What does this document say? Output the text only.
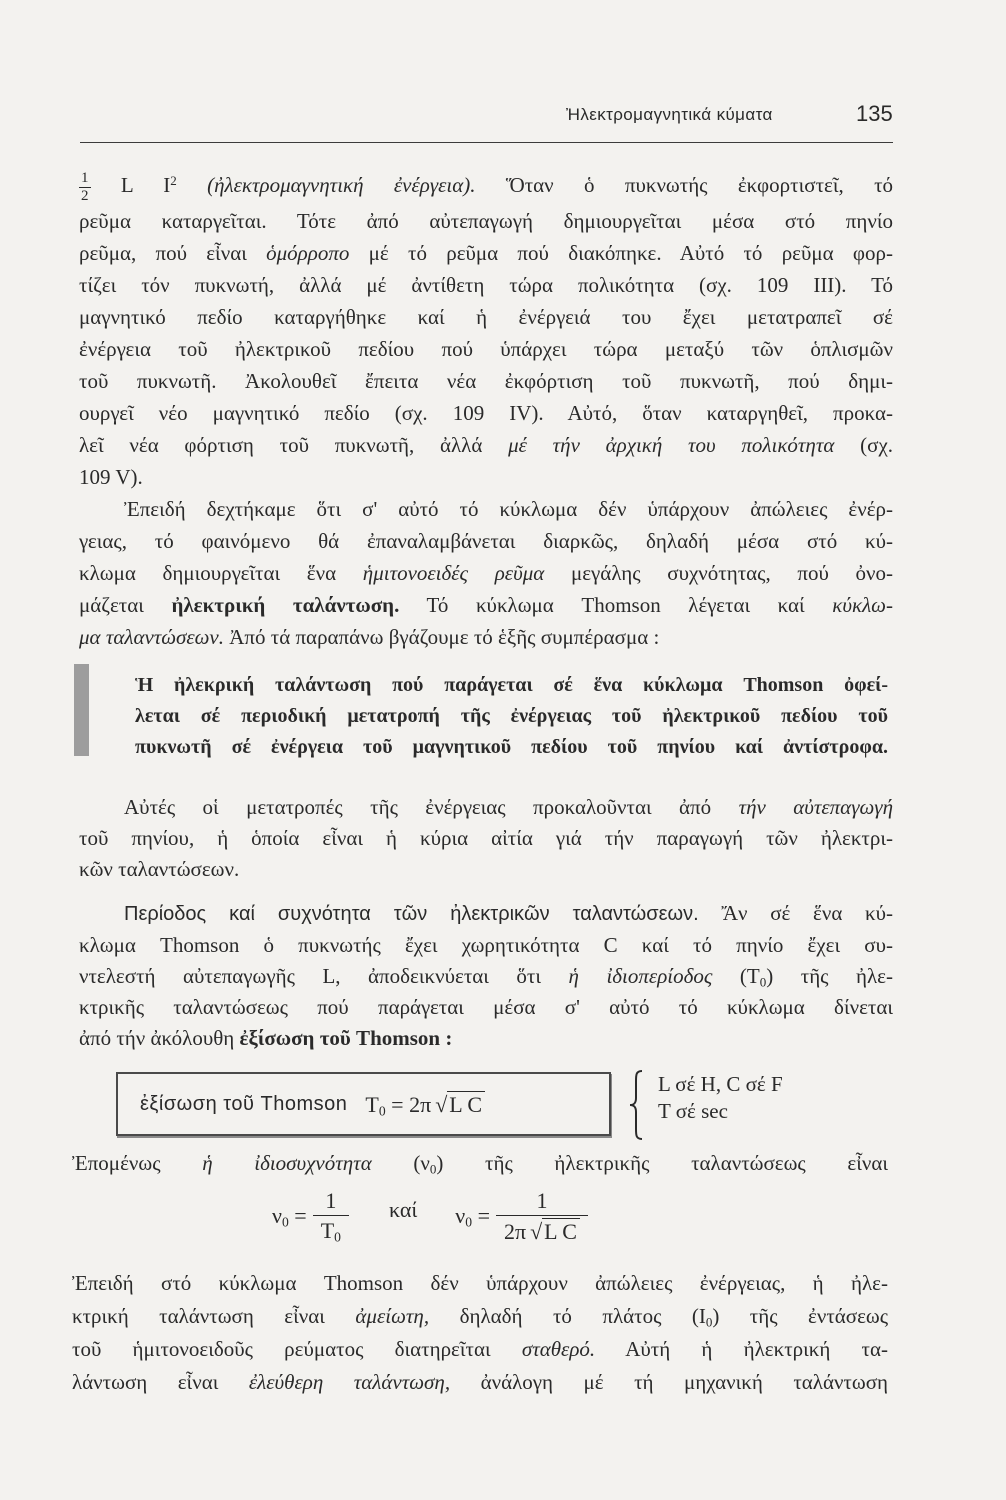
Ἠλεκτρομαγνητικά κύματα	135
$\frac{1}{2}$ L $I^2$ (ἠλεκτρομαγνητική ἐνέργεια). Ὅταν ὁ πυκνωτής ἐκφορτιστεῖ, τό
ρεῦμα καταργεῖται. Τότε ἀπό αὐτεπαγωγή δημιουργεῖται μέσα στό πηνίο
ρεῦμα, πού εἶναι ὁμόρροπο μέ τό ρεῦμα πού διακόπηκε. Αὐτό τό ρεῦμα φορ-
τίζει τόν πυκνωτή, ἀλλά μέ ἀντίθετη τώρα πολικότητα (σχ. 109 III). Τό
μαγνητικό πεδίο καταργήθηκε καί ἡ ἐνέργειά του ἔχει μετατραπεῖ σέ
ἐνέργεια τοῦ ἠλεκτρικοῦ πεδίου πού ὑπάρχει τώρα μεταξύ τῶν ὁπλισμῶν
τοῦ πυκνωτῆ. Ἀκολουθεῖ ἔπειτα νέα ἐκφόρτιση τοῦ πυκνωτῆ, πού δημι-
ουργεῖ νέο μαγνητικό πεδίο (σχ. 109 IV). Αὐτό, ὅταν καταργηθεῖ, προκα-
λεῖ νέα φόρτιση τοῦ πυκνωτῆ, ἀλλά μέ τήν ἀρχική του πολικότητα (σχ.
109 V).
Ἐπειδή δεχτήκαμε ὅτι σ' αὐτό τό κύκλωμα δέν ὑπάρχουν ἀπώλειες ἐνέρ-
γειας, τό φαινόμενο θά ἐπαναλαμβάνεται διαρκῶς, δηλαδή μέσα στό κύ-
κλωμα δημιουργεῖται ἕνα ἡμιτονοειδές ρεῦμα μεγάλης συχνότητας, πού ὀνο-
μάζεται ἠλεκτρική ταλάντωση. Τό κύκλωμα Thomson λέγεται καί κύκλω-
μα ταλαντώσεων. Ἀπό τά παραπάνω βγάζουμε τό ἑξῆς συμπέρασμα :
Ἡ ἠλεκρική ταλάντωση πού παράγεται σέ ἕνα κύκλωμα Thomson ὀφεί-
λεται σέ περιοδική μετατροπή τῆς ἐνέργειας τοῦ ἠλεκτρικοῦ πεδίου τοῦ
πυκνωτῆ σέ ἐνέργεια τοῦ μαγνητικοῦ πεδίου τοῦ πηνίου καί ἀντίστροφα.
Αὐτές οἱ μετατροπές τῆς ἐνέργειας προκαλοῦνται ἀπό τήν αὐτεπαγωγή
τοῦ πηνίου, ἡ ὁποία εἶναι ἡ κύρια αἰτία γιά τήν παραγωγή τῶν ἠλεκτρι-
κῶν ταλαντώσεων.
Περίοδος καί συχνότητα τῶν ἠλεκτρικῶν ταλαντώσεων. Ἄν σέ ἕνα κύ-
κλωμα Thomson ὁ πυκνωτής ἔχει χωρητικότητα C καί τό πηνίο ἔχει συ-
ντελεστή αὐτεπαγωγῆς L, ἀποδεικνύεται ὅτι ἡ ἰδιοπερίοδος $(T_0)$ τῆς ἠλε-
κτρικῆς ταλαντώσεως πού παράγεται μέσα σ' αὐτό τό κύκλωμα δίνεται
ἀπό τήν ἀκόλουθη ἐξίσωση τοῦ Thomson :
ἐξίσωση τοῦ Thomson $T_0 = 2\pi$ √L C
L σέ H, C σέ F
T σέ sec
Ἐπομένως ἡ ἰδιοσυχνότητα $(\nu_0)$ τῆς ἠλεκτρικῆς ταλαντώσεως εἶναι
$\nu_0 = \frac{1}{T_0}$ καί $\nu_0 = \frac{1}{\text{2π √L C}}$
Ἐπειδή στό κύκλωμα Thomson δέν ὑπάρχουν ἀπώλειες ἐνέργειας, ἡ ἠλε-
κτρική ταλάντωση εἶναι ἀμείωτη, δηλαδή τό πλάτος $(I_0)$ τῆς ἐντάσεως
τοῦ ἡμιτονοειδοῦς ρεύματος διατηρεῖται σταθερό. Αὐτή ἡ ἠλεκτρική τα-
λάντωση εἶναι ἐλεύθερη ταλάντωση, ἀνάλογη μέ τή μηχανική ταλάντωση
